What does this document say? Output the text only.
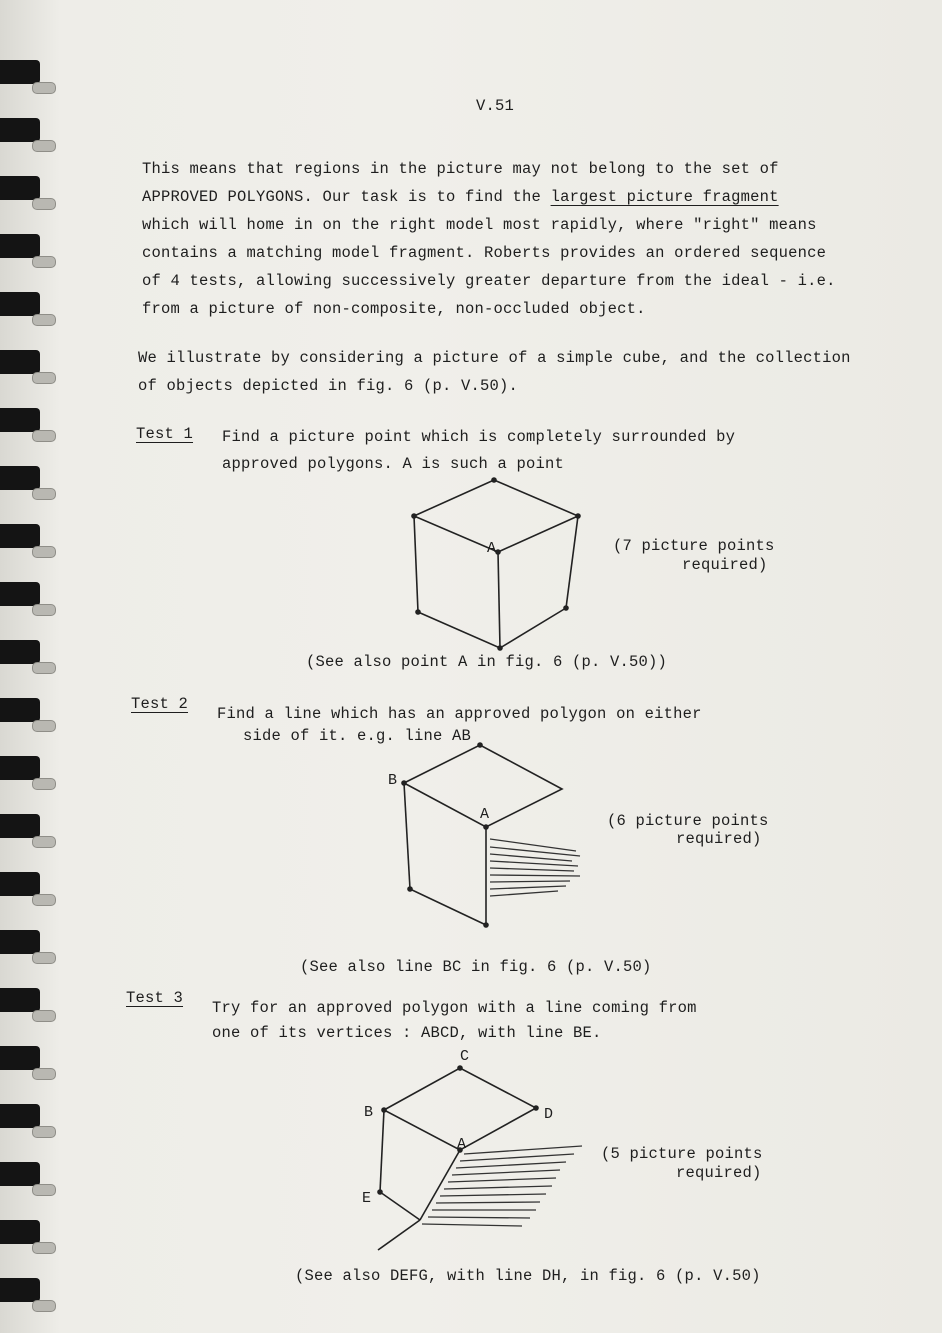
V.51
This means that regions in the picture may not belong to the set of
APPROVED POLYGONS. Our task is to find the largest picture fragment
which will home in on the right model most rapidly, where "right" means
contains a matching model fragment. Roberts provides an ordered sequence
of 4 tests, allowing successively greater departure from the ideal - i.e.
from a picture of non-composite, non-occluded object.
We illustrate by considering a picture of a simple cube, and the collection
of objects depicted in fig. 6 (p. V.50).
Test 1 Find a picture point which is completely surrounded by
approved polygons. A is such a point
A	(7 picture points
required)
(See also point A in fig. 6 (p. V.50))
Test 2
Find a line which has an approved polygon on either
side of it. e.g. line AB
B
A	(6 picture points
required)
(See also line BC in fig. 6 (p. V.50)
Test 3
Try for an approved polygon with a line coming from
one of its vertices : ABCD, with line BE.
C
B	D
A
E
(5 picture points
required)
(See also DEFG, with line DH, in fig. 6 (p. V.50)
